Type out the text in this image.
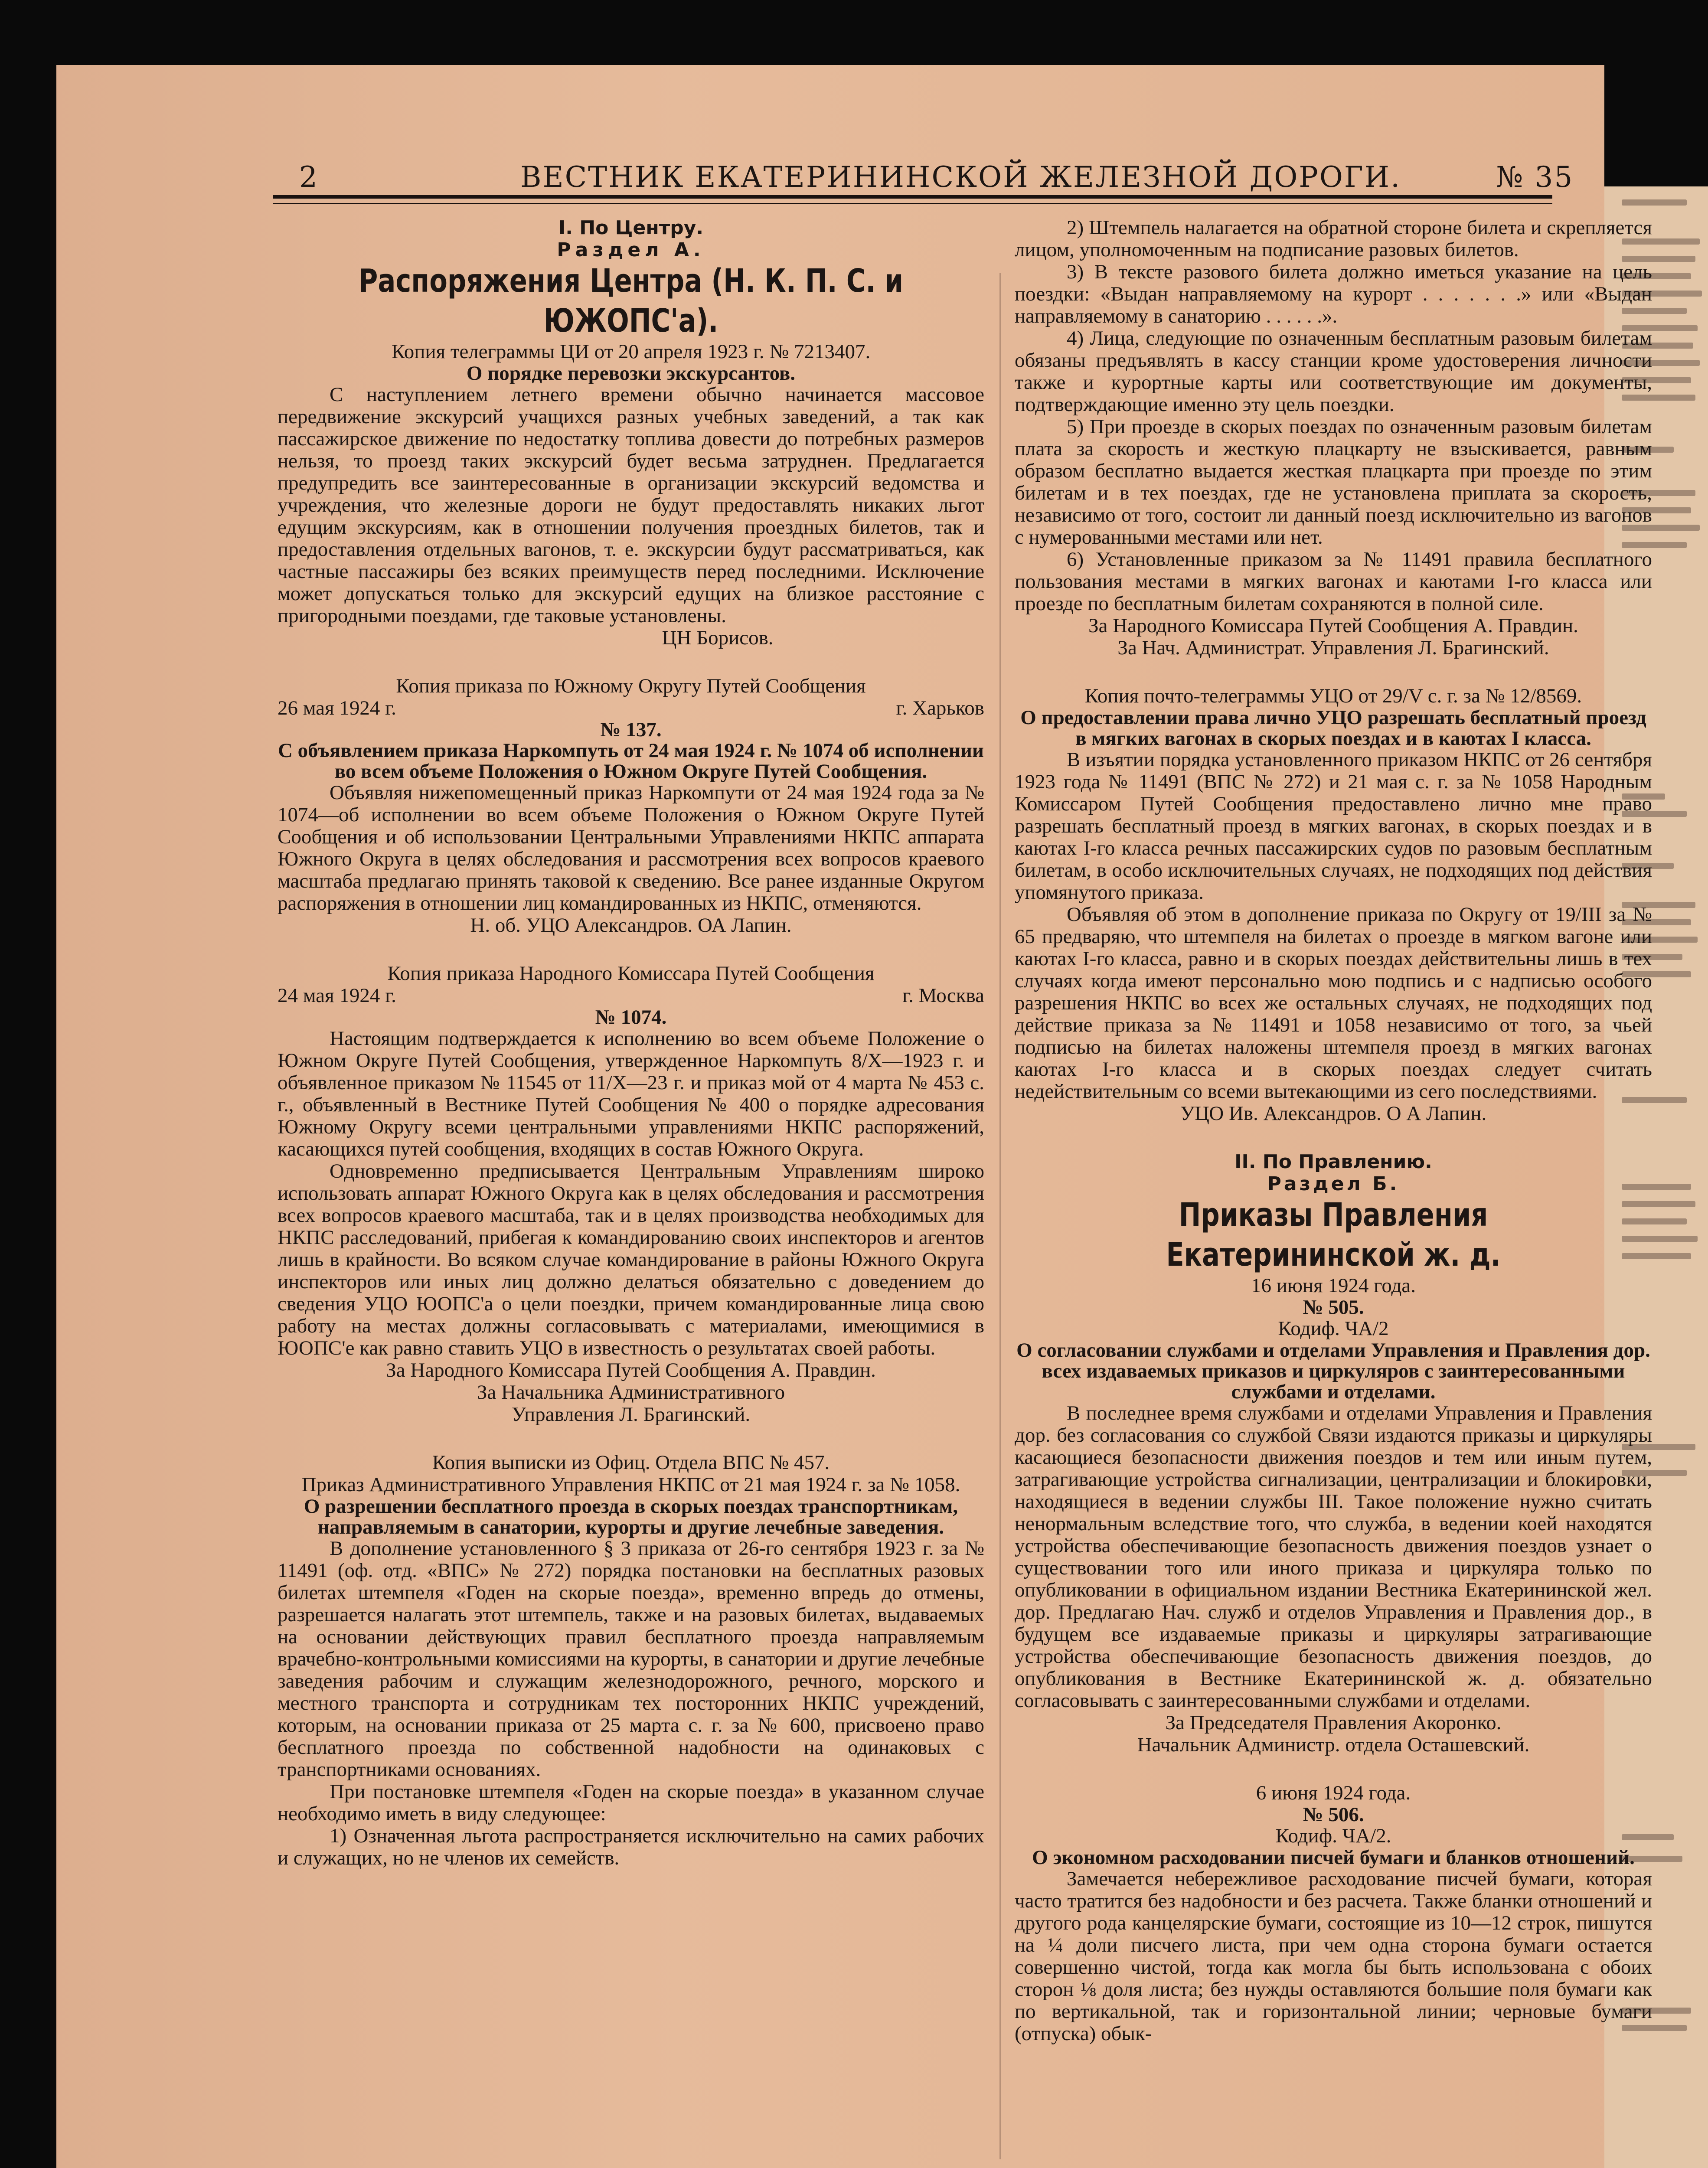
2	ВЕСТНИК ЕКАТЕРИНИНСКОЙ ЖЕЛЕЗНОЙ ДОРОГИ.	№ 35

I. По Центру.

Раздел А.

Распоряжения Центра (Н. К. П. С. и ЮЖОПС'а).

Копия телеграммы ЦИ от 20 апреля 1923 г. № 7213407.

О порядке перевозки экскурсантов.

С наступлением летнего времени обычно начинается массовое передвижение экскурсий учащихся разных учебных заведений, а так как пассажирское движение по недостатку топлива довести до потребных размеров нельзя, то проезд таких экскурсий будет весьма затруднен. Предлагается предупредить все заинтересованные в организации экскурсий ведомства и учреждения, что железные дороги не будут предоставлять никаких льгот едущим экскурсиям, как в отношении получения проездных билетов, так и предоставления отдельных вагонов, т. е. экскурсии будут рассматриваться, как частные пассажиры без всяких преимуществ перед последними. Исключение может допускаться только для экскурсий едущих на близкое расстояние с пригородными поездами, где таковые установлены.

ЦН Борисов.

Копия приказа по Южному Округу Путей Сообщения

26 мая 1924 г.	г. Харьков

№ 137.

С объявлением приказа Наркомпуть от 24 мая 1924 г. № 1074 об исполнении во всем объеме Положения о Южном Округе Путей Сообщения.

Объявляя нижепомещенный приказ Наркомпути от 24 мая 1924 года за № 1074—об исполнении во всем объеме Положения о Южном Округе Путей Сообщения и об использовании Центральными Управлениями НКПС аппарата Южного Округа в целях обследования и рассмотрения всех вопросов краевого масштаба предлагаю принять таковой к сведению. Все ранее изданные Округом распоряжения в отношении лиц командированных из НКПС, отменяются.

Н. об. УЦО Александров. ОА Лапин.

Копия приказа Народного Комиссара Путей Сообщения

24 мая 1924 г.	г. Москва

№ 1074.

Настоящим подтверждается к исполнению во всем объеме Положение о Южном Округе Путей Сообщения, утвержденное Наркомпуть 8/X—1923 г. и объявленное приказом № 11545 от 11/X—23 г. и приказ мой от 4 марта № 453 с. г., объявленный в Вестнике Путей Сообщения № 400 о порядке адресования Южному Округу всеми центральными управлениями НКПС распоряжений, касающихся путей сообщения, входящих в состав Южного Округа.

Одновременно предписывается Центральным Управлениям широко использовать аппарат Южного Округа как в целях обследования и рассмотрения всех вопросов краевого масштаба, так и в целях производства необходимых для НКПС расследований, прибегая к командированию своих инспекторов и агентов лишь в крайности. Во всяком случае командирование в районы Южного Округа инспекторов или иных лиц должно делаться обязательно с доведением до сведения УЦО ЮОПС'а о цели поездки, причем командированные лица свою работу на местах должны согласовывать с материалами, имеющимися в ЮОПС'е как равно ставить УЦО в известность о результатах своей работы.

За Народного Комиссара Путей Сообщения А. Правдин.

За Начальника Административного

Управления Л. Брагинский.

Копия выписки из Офиц. Отдела ВПС № 457.

Приказ Административного Управления НКПС от 21 мая 1924 г. за № 1058.

О разрешении бесплатного проезда в скорых поездах транспортникам, направляемым в санатории, курорты и другие лечебные заведения.

В дополнение установленного § 3 приказа от 26-го сентября 1923 г. за № 11491 (оф. отд. «ВПС» № 272) порядка постановки на бесплатных разовых билетах штемпеля «Годен на скорые поезда», временно впредь до отмены, разрешается налагать этот штемпель, также и на разовых билетах, выдаваемых на основании действующих правил бесплатного проезда направляемым врачебно-контрольными комиссиями на курорты, в санатории и другие лечебные заведения рабочим и служащим железнодорожного, речного, морского и местного транспорта и сотрудникам тех посторонних НКПС учреждений, которым, на основании приказа от 25 марта с. г. за № 600, присвоено право бесплатного проезда по собственной надобности на одинаковых с транспортниками основаниях.

При постановке штемпеля «Годен на скорые поезда» в указанном случае необходимо иметь в виду следующее:

1) Означенная льгота распространяется исключительно на самих рабочих и служащих, но не членов их семейств.

2) Штемпель налагается на обратной стороне билета и скрепляется лицом, уполномоченным на подписание разовых билетов.

3) В тексте разового билета должно иметься указание на цель поездки: «Выдан направляемому на курорт . . . . . . .» или «Выдан направляемому в санаторию . . . . . .».

4) Лица, следующие по означенным бесплатным разовым билетам обязаны предъявлять в кассу станции кроме удостоверения личности также и курортные карты или соответствующие им документы, подтверждающие именно эту цель поездки.

5) При проезде в скорых поездах по означенным разовым билетам плата за скорость и жесткую плацкарту не взыскивается, равным образом бесплатно выдается жесткая плацкарта при проезде по этим билетам и в тех поездах, где не установлена приплата за скорость, независимо от того, состоит ли данный поезд исключительно из вагонов с нумерованными местами или нет.

6) Установленные приказом за № 11491 правила бесплатного пользования местами в мягких вагонах и каютами I-го класса или проезде по бесплатным билетам сохраняются в полной силе.

За Народного Комиссара Путей Сообщения А. Правдин.

За Нач. Администрат. Управления Л. Брагинский.

Копия почто-телеграммы УЦО от 29/V с. г. за № 12/8569.

О предоставлении права лично УЦО разрешать бесплатный проезд в мягких вагонах в скорых поездах и в каютах I класса.

В изъятии порядка установленного приказом НКПС от 26 сентября 1923 года № 11491 (ВПС № 272) и 21 мая с. г. за № 1058 Народным Комиссаром Путей Сообщения предоставлено лично мне право разрешать бесплатный проезд в мягких вагонах, в скорых поездах и в каютах I-го класса речных пассажирских судов по разовым бесплатным билетам, в особо исключительных случаях, не подходящих под действия упомянутого приказа.

Объявляя об этом в дополнение приказа по Округу от 19/III за № 65 предваряю, что штемпеля на билетах о проезде в мягком вагоне или каютах I-го класса, равно и в скорых поездах действительны лишь в тех случаях когда имеют персонально мою подпись и с надписью особого разрешения НКПС во всех же остальных случаях, не подходящих под действие приказа за № 11491 и 1058 независимо от того, за чьей подписью на билетах наложены штемпеля проезд в мягких вагонах каютах I-го класса и в скорых поездах следует считать недействительным со всеми вытекающими из сего последствиями.

УЦО Ив. Александров. О А Лапин.

II. По Правлению.

Раздел Б.

Приказы Правления Екатерининской ж. д.

16 июня 1924 года.

№ 505.

Кодиф. ЧА/2

О согласовании службами и отделами Управления и Правления дор. всех издаваемых приказов и циркуляров с заинтересованными службами и отделами.

В последнее время службами и отделами Управления и Правления дор. без согласования со службой Связи издаются приказы и циркуляры касающиеся безопасности движения поездов и тем или иным путем, затрагивающие устройства сигнализации, централизации и блокировки, находящиеся в ведении службы III. Такое положение нужно считать ненормальным вследствие того, что служба, в ведении коей находятся устройства обеспечивающие безопасность движения поездов узнает о существовании того или иного приказа и циркуляра только по опубликовании в официальном издании Вестника Екатерининской жел. дор. Предлагаю Нач. служб и отделов Управления и Правления дор., в будущем все издаваемые приказы и циркуляры затрагивающие устройства обеспечивающие безопасность движения поездов, до опубликования в Вестнике Екатерининской ж. д. обязательно согласовывать с заинтересованными службами и отделами.

За Председателя Правления Акоронко.

Начальник Администр. отдела Осташевский.

6 июня 1924 года.

№ 506.

Кодиф. ЧА/2.

О экономном расходовании писчей бумаги и бланков отношений.

Замечается небережливое расходование писчей бумаги, которая часто тратится без надобности и без расчета. Также бланки отношений и другого рода канцелярские бумаги, состоящие из 10—12 строк, пишутся на ¼ доли писчего листа, при чем одна сторона бумаги остается совершенно чистой, тогда как могла бы быть использована с обоих сторон ⅛ доля листа; без нужды оставляются большие поля бумаги как по вертикальной, так и горизонтальной линии; черновые бумаги (отпуска) обык-
